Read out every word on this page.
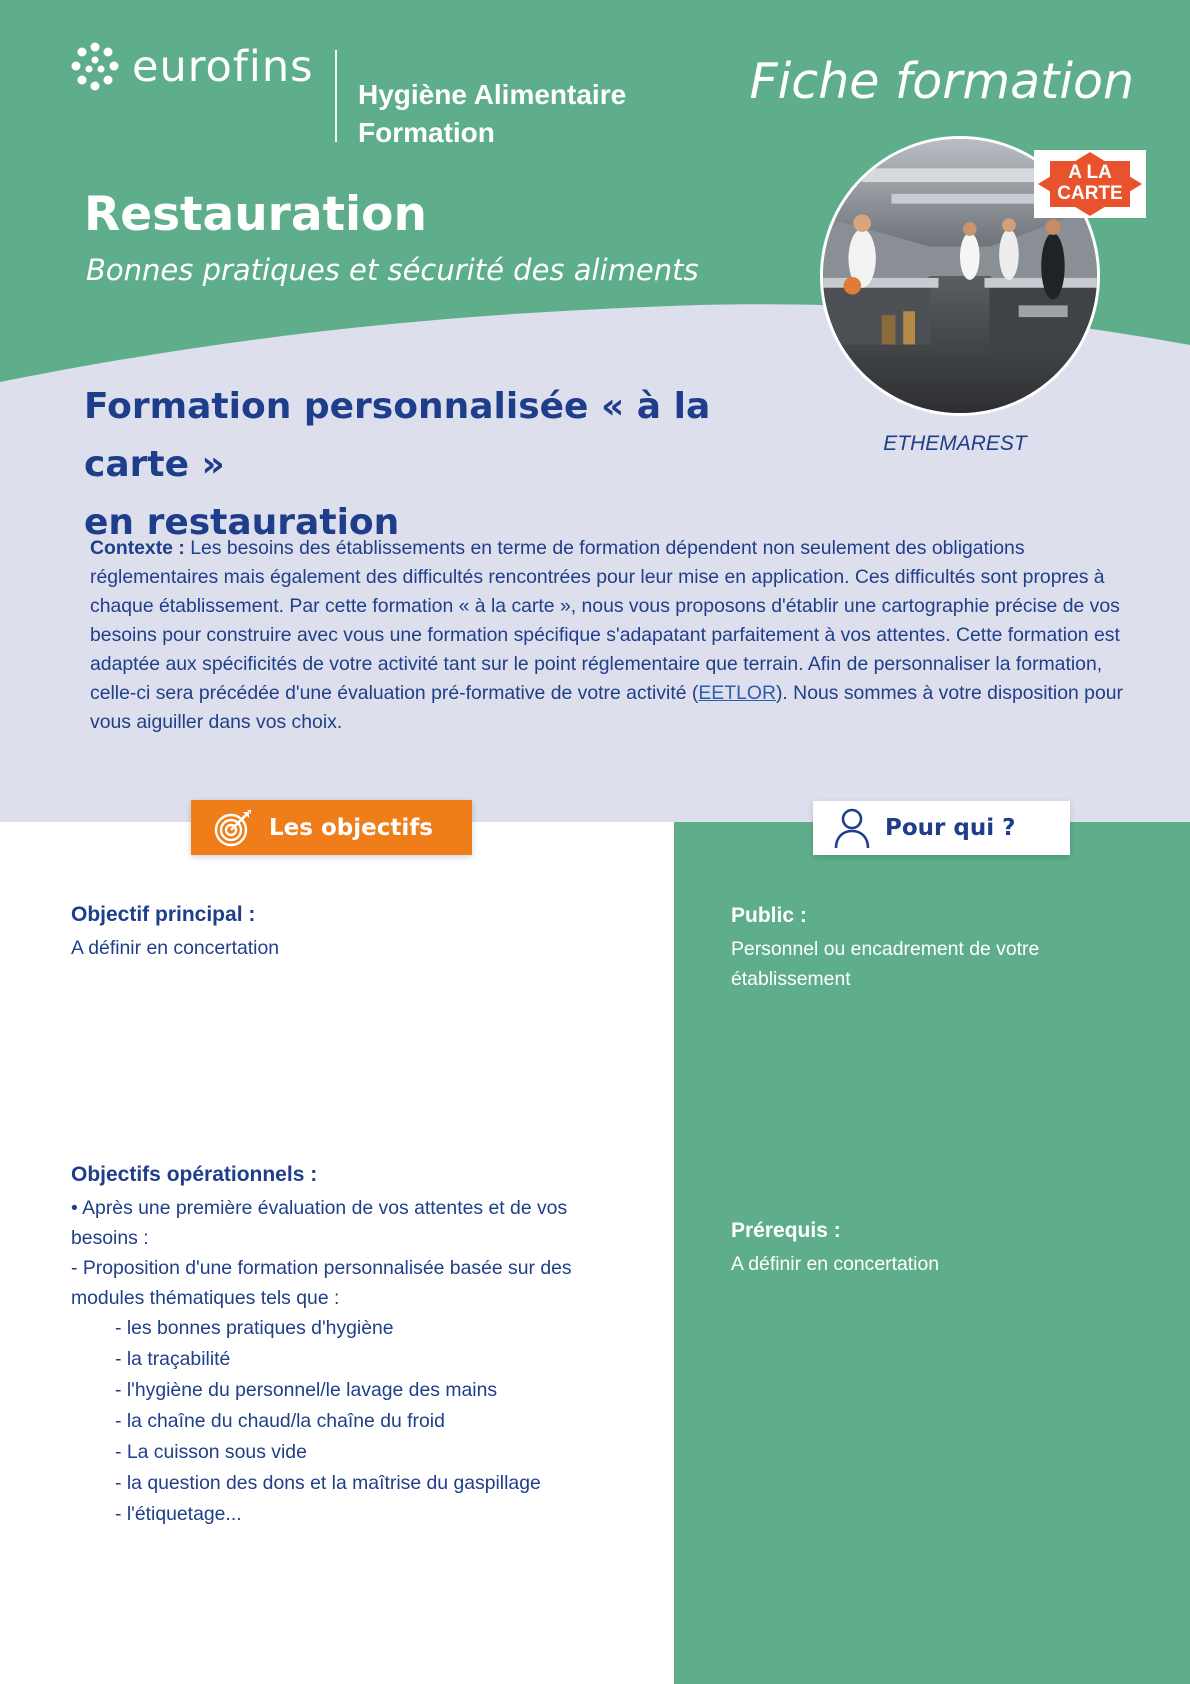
eurofins
Hygiène Alimentaire
Formation
Fiche formation
Restauration
Bonnes pratiques et sécurité des aliments
A LA
CARTE
ETHEMAREST
Formation personnalisée « à la carte »
en restauration
Contexte : Les besoins des établissements en terme de formation dépendent non seulement des obligations réglementaires mais également des difficultés rencontrées pour leur mise en application. Ces difficultés sont propres à chaque établissement. Par cette formation « à la carte », nous vous proposons d'établir une cartographie précise de vos besoins pour construire avec vous une formation spécifique s'adapatant parfaitement à vos attentes. Cette formation est adaptée aux spécificités de votre activité tant sur le point réglementaire que terrain. Afin de personnaliser la formation, celle-ci sera précédée d'une évaluation pré-formative de votre activité (EETLOR). Nous sommes à votre disposition pour vous aiguiller dans vos choix.
Les objectifs	Pour qui ?
Objectif principal :
A définir en concertation
Objectifs opérationnels :
• Après une première évaluation de vos attentes et de vos besoins :
- Proposition d'une formation personnalisée basée sur des modules thématiques tels que :
- les bonnes pratiques d'hygiène
- la traçabilité
- l'hygiène du personnel/le lavage des mains
- la chaîne du chaud/la chaîne du froid
- La cuisson sous vide
- la question des dons et la maîtrise du gaspillage
- l'étiquetage...
Public :
Personnel ou encadrement de votre établissement
Prérequis :
A définir en concertation
